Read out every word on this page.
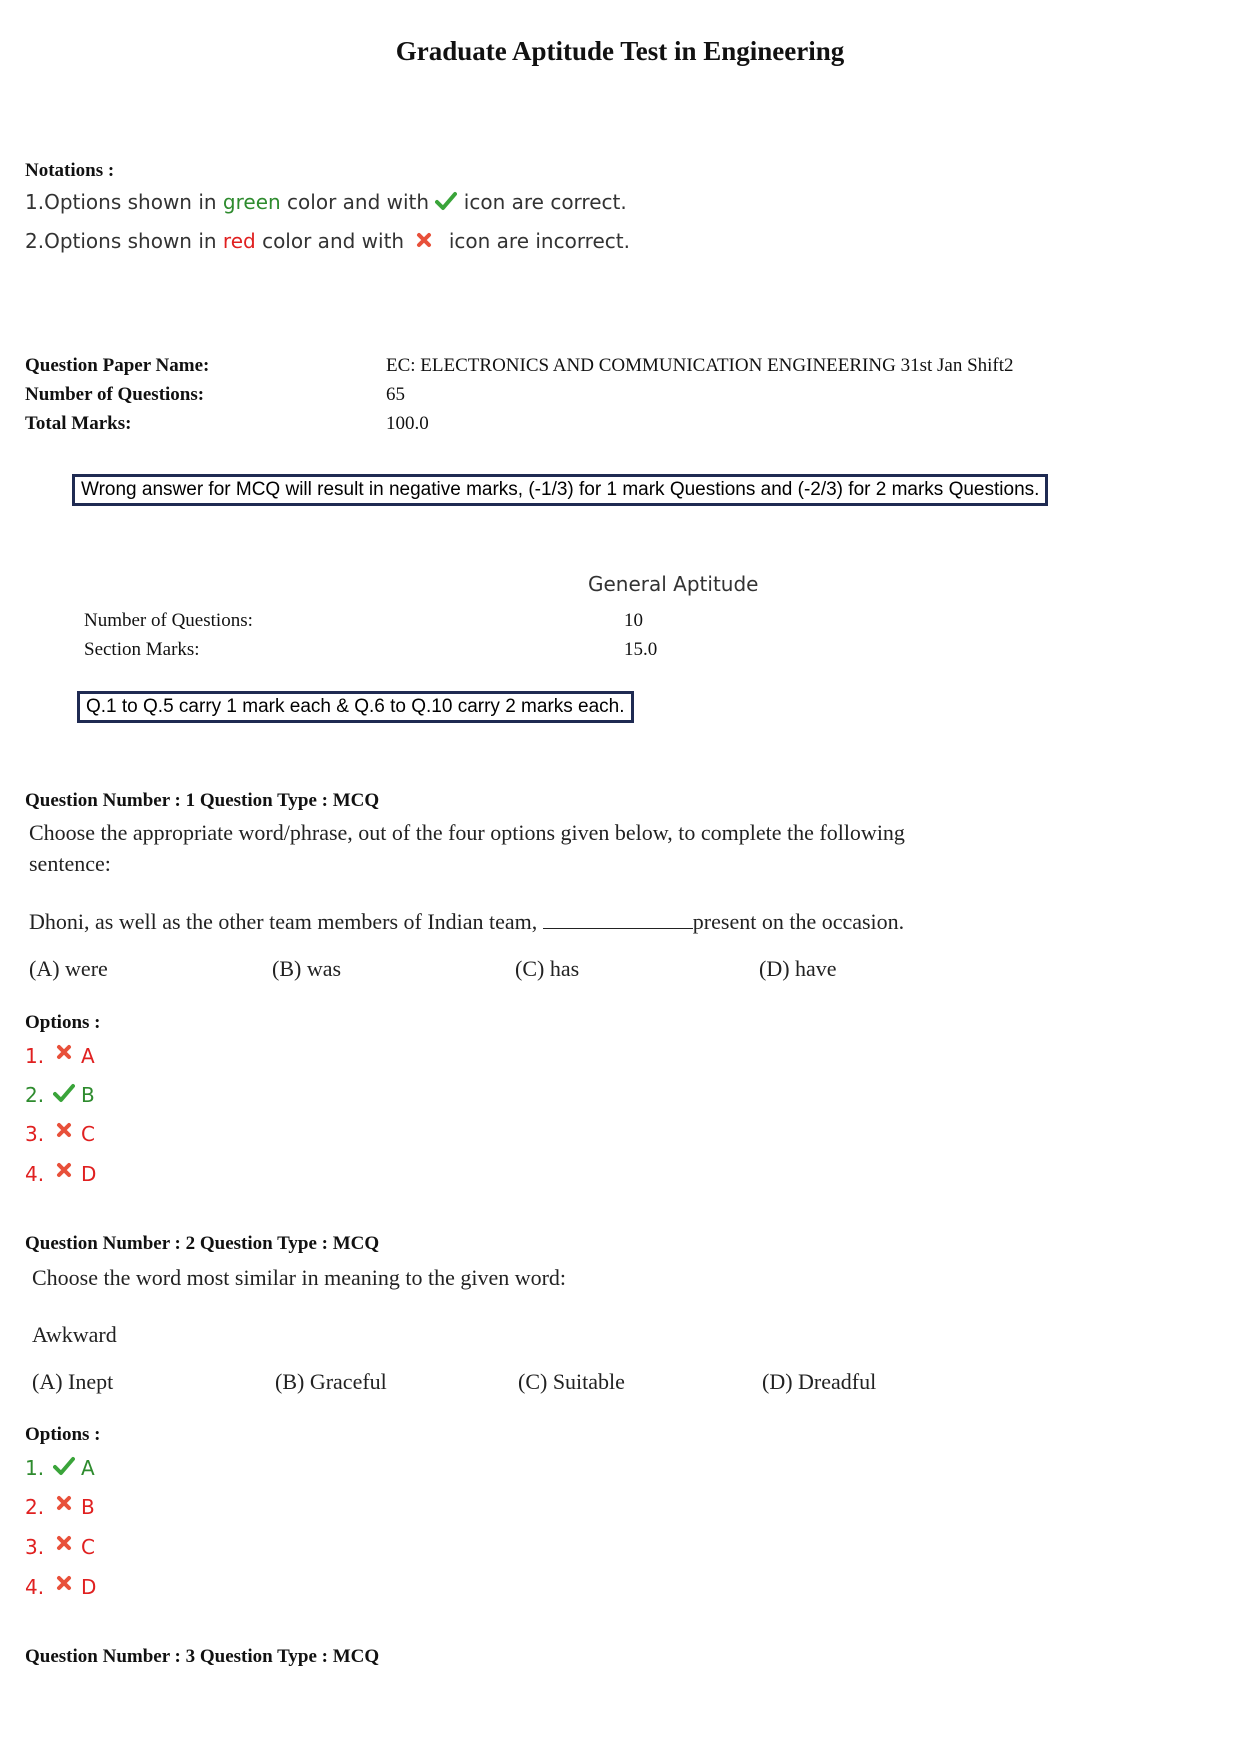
Graduate Aptitude Test in Engineering
Notations :
1.Options shown in green color and with  icon are correct.
2.Options shown in red color and with  icon are incorrect.
Question Paper Name:	EC: ELECTRONICS AND COMMUNICATION ENGINEERING 31st Jan Shift2
Number of Questions:	65
Total Marks:	100.0
Wrong answer for MCQ will result in negative marks, (-1/3) for 1 mark Questions and (-2/3) for 2 marks Questions.
General Aptitude
Number of Questions:	10
Section Marks:	15.0
Q.1 to Q.5 carry 1 mark each & Q.6 to Q.10 carry 2 marks each.
Question Number : 1 Question Type : MCQ
Choose the appropriate word/phrase, out of the four options given below, to complete the following
sentence:
Dhoni, as well as the other team members of Indian team,	present on the occasion.
(A) were	(B) was	(C) has	(D) have
Options :
1.	A
2.	B
3.	C
4.	D
Question Number : 2 Question Type : MCQ
Choose the word most similar in meaning to the given word:
Awkward
(A) Inept	(B) Graceful	(C) Suitable	(D) Dreadful
Options :
1.	A
2.	B
3.	C
4.	D
Question Number : 3 Question Type : MCQ
